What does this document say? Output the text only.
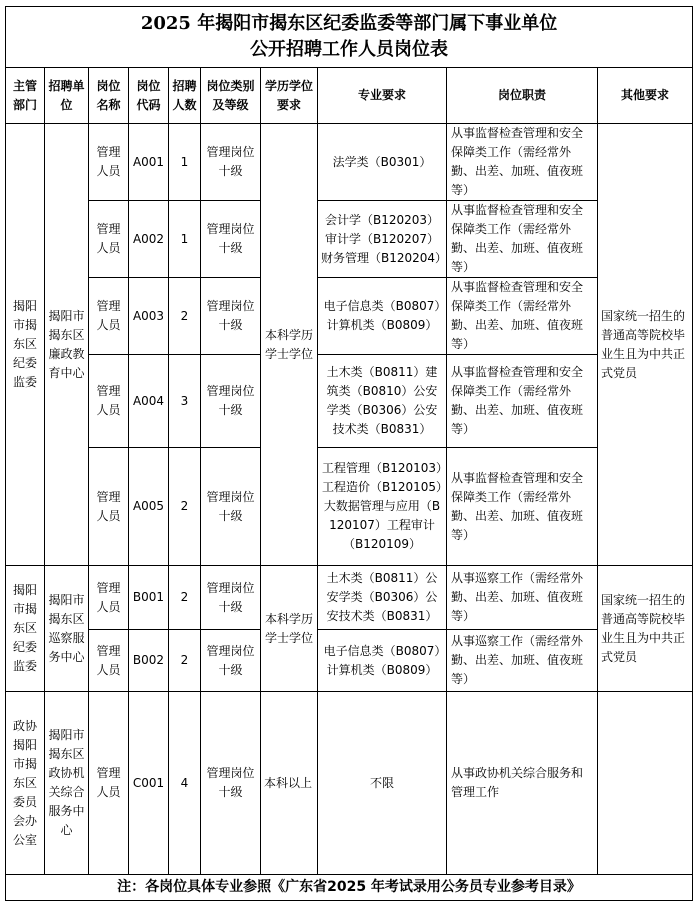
2025 年揭阳市揭东区纪委监委等部门属下事业单位
公开招聘工作人员岗位表									

主管部门	招聘单位	岗位名称	岗位代码	招聘人数	岗位类别及等级	学历学位要求	专业要求	岗位职责	其他要求
揭阳市揭东区纪委监委	揭阳市揭东区廉政教育中心	管理人员	A001	1	管理岗位十级	本科学历学士学位	法学类（B0301）	从事监督检查管理和安全保障类工作（需经常外勤、出差、加班、值夜班等）	国家统一招生的普通高等院校毕业生且为中共正式党员
		管理人员	A002	1	管理岗位十级		会计学（B120203）审计学（B120207）财务管理（B120204）	从事监督检查管理和安全保障类工作（需经常外勤、出差、加班、值夜班等）	
		管理人员	A003	2	管理岗位十级		电子信息类（B0807）计算机类（B0809）	从事监督检查管理和安全保障类工作（需经常外勤、出差、加班、值夜班等）	
		管理人员	A004	3	管理岗位十级		土木类（B0811）建筑类（B0810）公安学类（B0306）公安技术类（B0831）	从事监督检查管理和安全保障类工作（需经常外勤、出差、加班、值夜班等）	
		管理人员	A005	2	管理岗位十级		工程管理（B120103）工程造价（B120105）大数据管理与应用（B120107）工程审计（B120109）	从事监督检查管理和安全保障类工作（需经常外勤、出差、加班、值夜班等）	
揭阳市揭东区纪委监委	揭阳市揭东区巡察服务中心	管理人员	B001	2	管理岗位十级	本科学历学士学位	土木类（B0811）公安学类（B0306）公安技术类（B0831）	从事巡察工作（需经常外勤、出差、加班、值夜班等）	国家统一招生的普通高等院校毕业生且为中共正式党员
		管理人员	B002	2	管理岗位十级		电子信息类（B0807）计算机类（B0809）	从事巡察工作（需经常外勤、出差、加班、值夜班等）	
政协揭阳市揭东区委员会办公室	揭阳市揭东区政协机关综合服务中心	管理人员	C001	4	管理岗位十级	本科以上	不限	从事政协机关综合服务和管理工作	
注：各岗位具体专业参照《广东省2025 年考试录用公务员专业参考目录》									
